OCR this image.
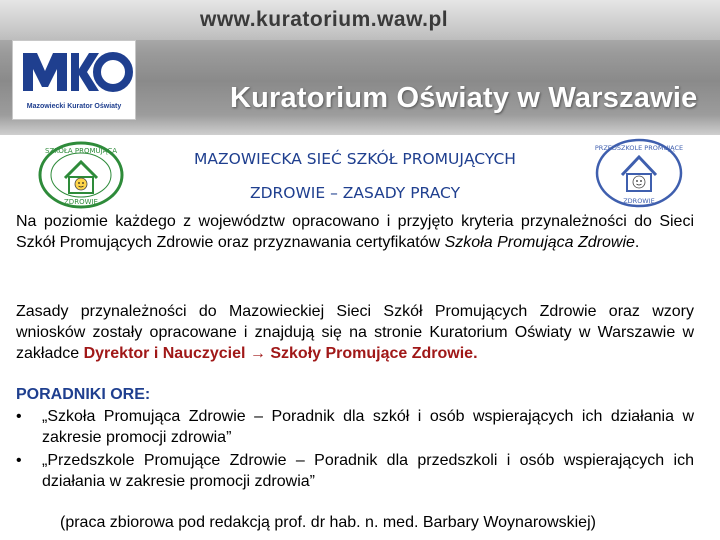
www.kuratorium.waw.pl
Mazowiecki Kurator Oświaty	Kuratorium Oświaty w Warszawie
SZKOŁA PROMUJĄCA
ZDROWIE
PRZEDSZKOLE PROMUJĄCE
ZDROWIE
MAZOWIECKA SIEĆ SZKÓŁ PROMUJĄCYCH
ZDROWIE – ZASADY PRACY
Na poziomie każdego z województw opracowano i przyjęto kryteria przynależności do Sieci Szkół Promujących Zdrowie oraz przyznawania certyfikatów Szkoła Promująca Zdrowie.
Zasady przynależności do Mazowieckiej Sieci Szkół Promujących Zdrowie oraz wzory wniosków zostały opracowane i znajdują się na stronie Kuratorium Oświaty w Warszawie w zakładce Dyrektor i Nauczyciel → Szkoły Promujące Zdrowie.
PORADNIKI ORE:
• „Szkoła Promująca Zdrowie – Poradnik dla szkół i osób wspierających ich działania w zakresie promocji zdrowia”
• „Przedszkole Promujące Zdrowie – Poradnik dla przedszkoli i osób wspierających ich działania w zakresie promocji zdrowia”
(praca zbiorowa pod redakcją prof. dr hab. n. med. Barbary Woynarowskiej)
